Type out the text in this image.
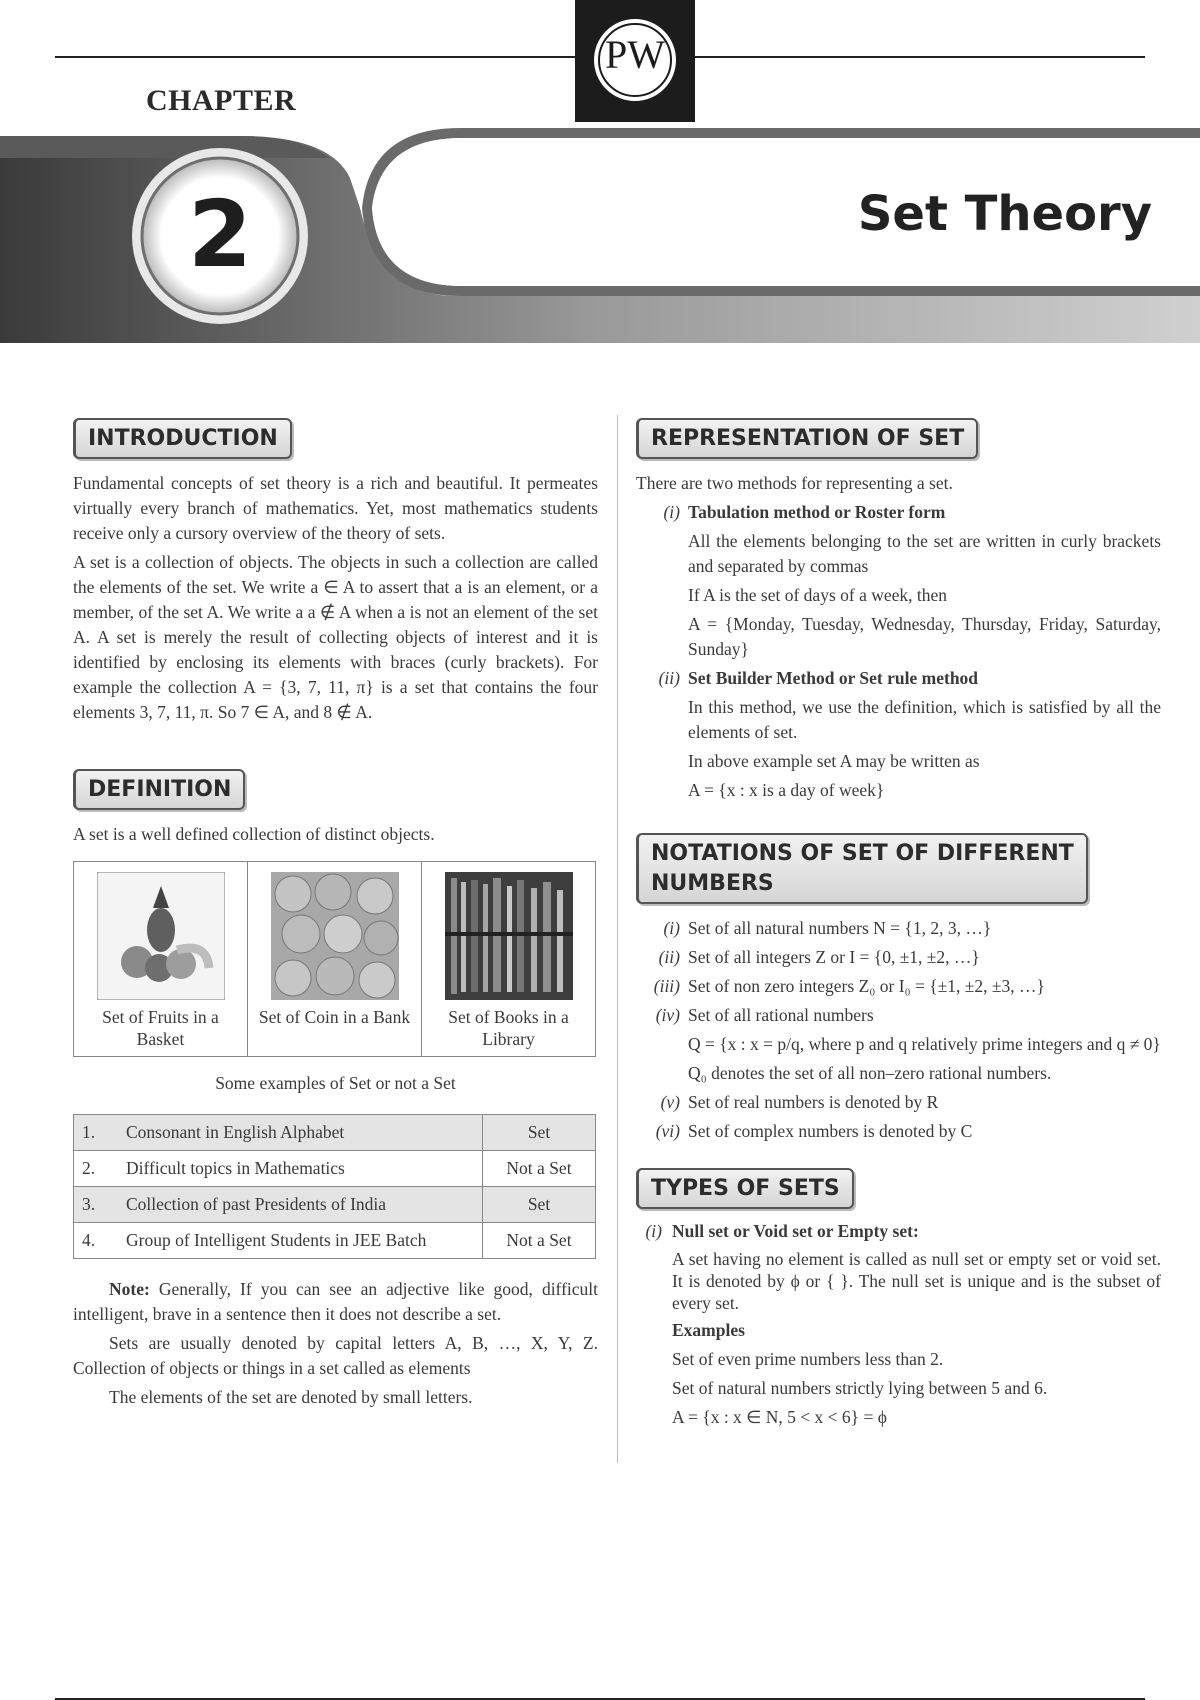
PW
CHAPTER
2	Set Theory
INTRODUCTION

Fundamental concepts of set theory is a rich and beautiful. It permeates virtually every branch of mathematics. Yet, most mathematics students receive only a cursory overview of the theory of sets.

A set is a collection of objects. The objects in such a collection are called the elements of the set. We write a ∈ A to assert that a is an element, or a member, of the set A. We write a a ∉ A when a is not an element of the set A. A set is merely the result of collecting objects of interest and it is identified by enclosing its elements with braces (curly brackets). For example the collection A = {3, 7, 11, π} is a set that contains the four elements 3, 7, 11, π. So 7 ∈ A, and 8 ∉ A.

DEFINITION

A set is a well defined collection of distinct objects.

Set of Fruits in a Basket	
Set of Coin in a Bank	Set of Books in a Library
Some examples of Set or not a Set
1.	Consonant in English Alphabet	Set
2.	Difficult topics in Mathematics	Not a Set
3.	Collection of past Presidents of India	Set
4.	Group of Intelligent Students in JEE Batch	Not a Set

Note: Generally, If you can see an adjective like good, difficult intelligent, brave in a sentence then it does not describe a set.

Sets are usually denoted by capital letters A, B, …, X, Y, Z. Collection of objects or things in a set called as elements

The elements of the set are denoted by small letters.

REPRESENTATION OF SET

There are two methods for representing a set.

(i) Tabulation method or Roster form
All the elements belonging to the set are written in curly brackets and separated by commas
If A is the set of days of a week, then
A = {Monday, Tuesday, Wednesday, Thursday, Friday, Saturday, Sunday}
(ii) Set Builder Method or Set rule method
In this method, we use the definition, which is satisfied by all the elements of set.
In above example set A may be written as
A = {x : x is a day of week}
NOTATIONS OF SET OF DIFFERENT
NUMBERS
(i) Set of all natural numbers N = {1, 2, 3, …}
(ii) Set of all integers Z or I = {0, ±1, ±2, …}
(iii) Set of non zero integers Z₀ or I₀ = {±1, ±2, ±3, …}
(iv) Set of all rational numbers
Q = {x : x = p/q, where p and q relatively prime integers and q ≠ 0}
Q₀ denotes the set of all non–zero rational numbers.
(v) Set of real numbers is denoted by R
(vi) Set of complex numbers is denoted by C
TYPES OF SETS
(i) Null set or Void set or Empty set:
A set having no element is called as null set or empty set or void set. It is denoted by ϕ or { }. The null set is unique and is the subset of every set.
Examples
Set of even prime numbers less than 2.
Set of natural numbers strictly lying between 5 and 6.
A = {x : x ∈ N, 5 < x < 6} = ϕ
